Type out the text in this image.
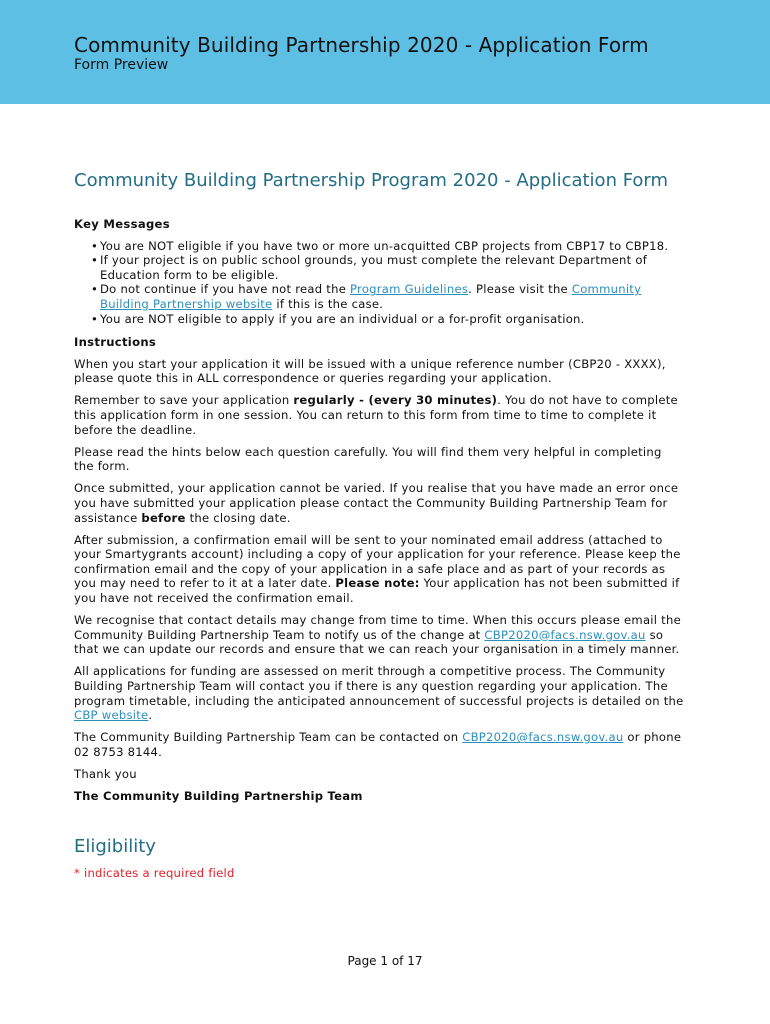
Community Building Partnership 2020 - Application Form
Form Preview
Community Building Partnership Program 2020 - Application Form
Key Messages
• You are NOT eligible if you have two or more un-acquitted CBP projects from CBP17 to CBP18.
• If your project is on public school grounds, you must complete the relevant Department of Education form to be eligible.
• Do not continue if you have not read the Program Guidelines. Please visit the Community Building Partnership website if this is the case.
• You are NOT eligible to apply if you are an individual or a for-profit organisation.
Instructions

When you start your application it will be issued with a unique reference number (CBP20 - XXXX), please quote this in ALL correspondence or queries regarding your application.

Remember to save your application regularly - (every 30 minutes). You do not have to complete this application form in one session. You can return to this form from time to time to complete it before the deadline.

Please read the hints below each question carefully. You will find them very helpful in completing the form.

Once submitted, your application cannot be varied. If you realise that you have made an error once you have submitted your application please contact the Community Building Partnership Team for assistance before the closing date.

After submission, a confirmation email will be sent to your nominated email address (attached to your Smartygrants account) including a copy of your application for your reference. Please keep the confirmation email and the copy of your application in a safe place and as part of your records as you may need to refer to it at a later date. Please note: Your application has not been submitted if you have not received the confirmation email.

We recognise that contact details may change from time to time. When this occurs please email the Community Building Partnership Team to notify us of the change at CBP2020@facs.nsw.gov.au so that we can update our records and ensure that we can reach your organisation in a timely manner.

All applications for funding are assessed on merit through a competitive process. The Community Building Partnership Team will contact you if there is any question regarding your application. The program timetable, including the anticipated announcement of successful projects is detailed on the CBP website.

The Community Building Partnership Team can be contacted on CBP2020@facs.nsw.gov.au or phone 02 8753 8144.

Thank you

The Community Building Partnership Team

Eligibility
* indicates a required field
Page 1 of 17
